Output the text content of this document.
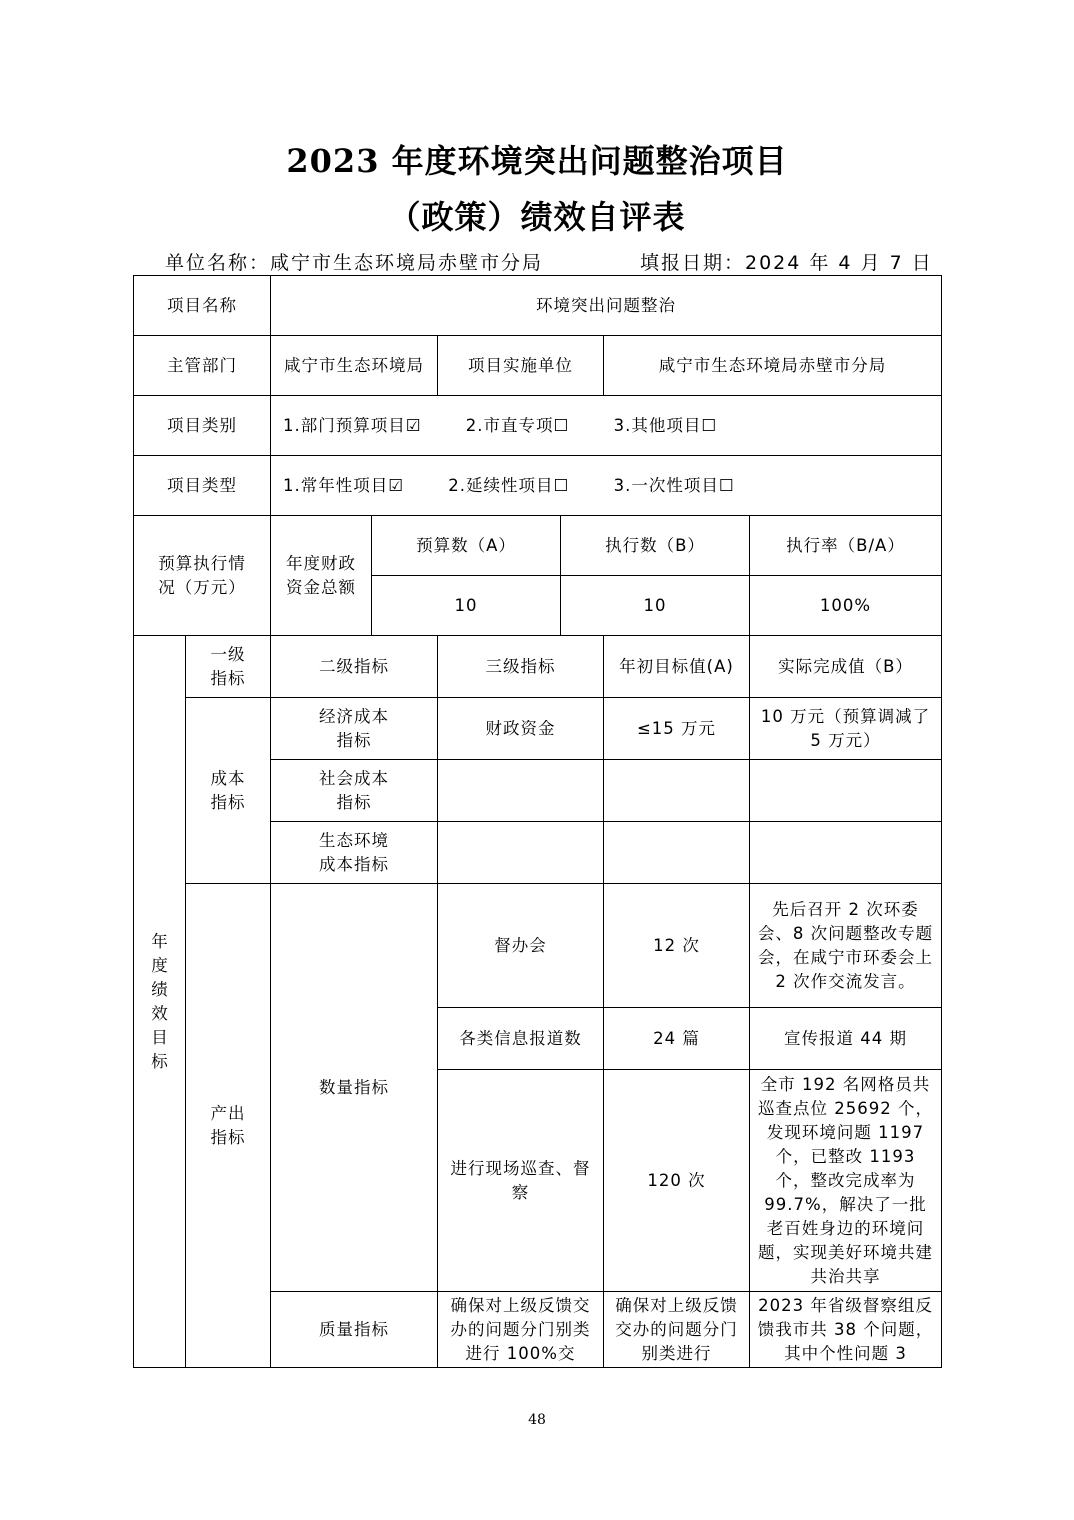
2023 年度环境突出问题整治项目
（政策）绩效自评表
单位名称：咸宁市生态环境局赤壁市分局	填报日期：2024 年 4 月 7 日
项目名称		环境突出问题整治					
主管部门		咸宁市生态环境局		项目实施单位		咸宁市生态环境局赤壁市分局	
项目类别		1.部门预算项目☑ 2.市直专项☐ 3.其他项目☐					
项目类型		1.常年性项目☑ 2.延续性项目☐ 3.一次性项目☐					
预算执行情况（万元）		年度财政资金总额	预算数（A）		执行数（B）		执行率（B/A）
			10		10		100%

年度绩效目标	一级指标	二级指标		三级指标		年初目标值(A)	实际完成值（B）
	成本指标	经济成本指标		财政资金		≤15 万元	10 万元（预算调减了5 万元）
		社会成本指标					
		生态环境成本指标					
	产出指标	数量指标		督办会		12 次	先后召开 2 次环委会、8 次问题整改专题会，在咸宁市环委会上 2 次作交流发言。
				各类信息报道数		24 篇	宣传报道 44 期
				进行现场巡查、督察		120 次	全市 192 名网格员共巡查点位 25692 个，发现环境问题 1197 个，已整改 1193 个，整改完成率为 99.7%，解决了一批老百姓身边的环境问题，实现美好环境共建共治共享
		质量指标		确保对上级反馈交办的问题分门别类进行 100%交		确保对上级反馈交办的问题分门别类进行	2023 年省级督察组反馈我市共 38 个问题，其中个性问题 3
48
